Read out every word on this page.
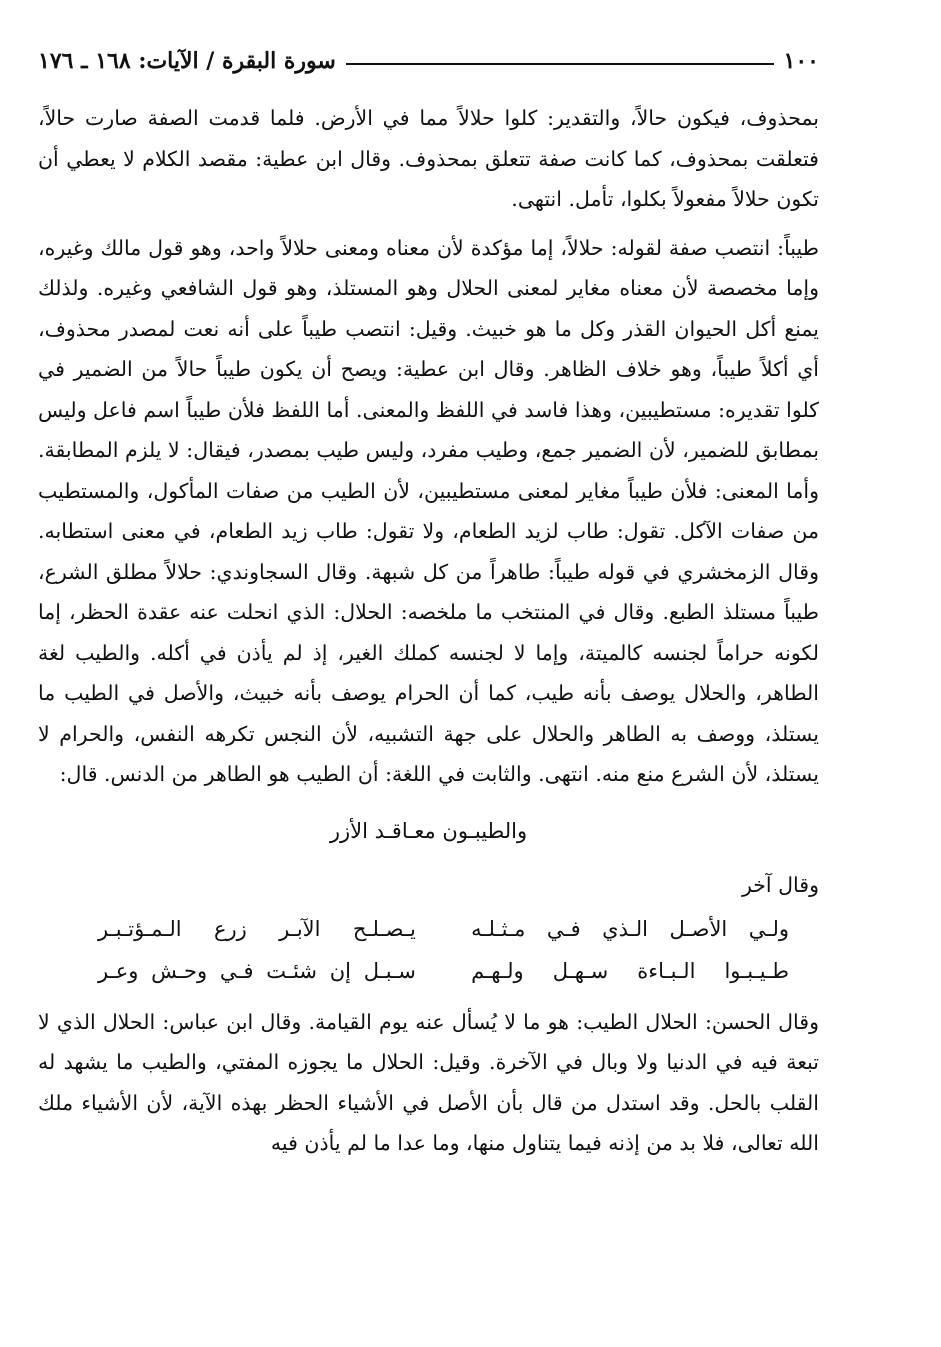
١٠٠
سورة البقرة / الآيات: ١٦٨ ـ ١٧٦

بمحذوف، فيكون حالاً، والتقدير: كلوا حلالاً مما في الأرض. فلما قدمت الصفة صارت حالاً، فتعلقت بمحذوف، كما كانت صفة تتعلق بمحذوف. وقال ابن عطية: مقصد الكلام لا يعطي أن تكون حلالاً مفعولاً بكلوا، تأمل. انتهى.

طيباً: انتصب صفة لقوله: حلالاً، إما مؤكدة لأن معناه ومعنى حلالاً واحد، وهو قول مالك وغيره، وإما مخصصة لأن معناه مغاير لمعنى الحلال وهو المستلذ، وهو قول الشافعي وغيره. ولذلك يمنع أكل الحيوان القذر وكل ما هو خبيث. وقيل: انتصب طيباً على أنه نعت لمصدر محذوف، أي أكلاً طيباً، وهو خلاف الظاهر. وقال ابن عطية: ويصح أن يكون طيباً حالاً من الضمير في كلوا تقديره: مستطيبين، وهذا فاسد في اللفظ والمعنى. أما اللفظ فلأن طيباً اسم فاعل وليس بمطابق للضمير، لأن الضمير جمع، وطيب مفرد، وليس طيب بمصدر، فيقال: لا يلزم المطابقة. وأما المعنى: فلأن طيباً مغاير لمعنى مستطيبين، لأن الطيب من صفات المأكول، والمستطيب من صفات الآكل. تقول: طاب لزيد الطعام، ولا تقول: طاب زيد الطعام، في معنى استطابه. وقال الزمخشري في قوله طيباً: طاهراً من كل شبهة. وقال السجاوندي: حلالاً مطلق الشرع، طيباً مستلذ الطبع. وقال في المنتخب ما ملخصه: الحلال: الذي انحلت عنه عقدة الحظر، إما لكونه حراماً لجنسه كالميتة، وإما لا لجنسه كملك الغير، إذ لم يأذن في أكله. والطيب لغة الطاهر، والحلال يوصف بأنه طيب، كما أن الحرام يوصف بأنه خبيث، والأصل في الطيب ما يستلذ، ووصف به الطاهر والحلال على جهة التشبيه، لأن النجس تكرهه النفس، والحرام لا يستلذ، لأن الشرع منع منه. انتهى. والثابت في اللغة: أن الطيب هو الطاهر من الدنس. قال:

والطيبـون معـاقـد الأزر

وقال آخر

ولـي الأصـل الـذي فـي مـثـلـه
يـصـلـح الآبـر زرع الـمـؤتـبـر
طـيـبـوا الـبـاءة سـهـل ولـهـم
سـبـل إن شئـت فـي وحـش وعـر

وقال الحسن: الحلال الطيب: هو ما لا يُسأل عنه يوم القيامة. وقال ابن عباس: الحلال الذي لا تبعة فيه في الدنيا ولا وبال في الآخرة. وقيل: الحلال ما يجوزه المفتي، والطيب ما يشهد له القلب بالحل. وقد استدل من قال بأن الأصل في الأشياء الحظر بهذه الآية، لأن الأشياء ملك الله تعالى، فلا بد من إذنه فيما يتناول منها، وما عدا ما لم يأذن فيه
